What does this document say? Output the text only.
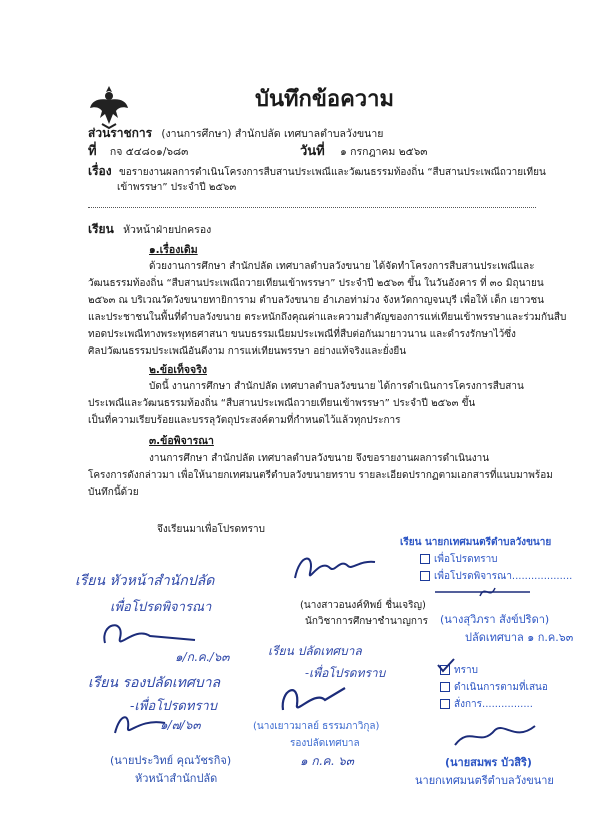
บันทึกข้อความ
ส่วนราชการ (งานการศึกษา) สำนักปลัด เทศบาลตำบลวังขนาย
ที่ กจ ๕๔๘๐๑/๖๘๓	วันที่ ๑ กรกฎาคม ๒๕๖๓
เรื่อง ขอรายงานผลการดำเนินโครงการสืบสานประเพณีและวัฒนธรรมท้องถิ่น “สืบสานประเพณีถวายเทียน
เข้าพรรษา” ประจำปี ๒๕๖๓
เรียน หัวหน้าฝ่ายปกครอง
๑.เรื่องเดิม
ด้วยงานการศึกษา สำนักปลัด เทศบาลตำบลวังขนาย ได้จัดทำโครงการสืบสานประเพณีและ
วัฒนธรรมท้องถิ่น “สืบสานประเพณีถวายเทียนเข้าพรรษา” ประจำปี ๒๕๖๓ ขึ้น ในวันอังคาร ที่ ๓๐ มิถุนายน
๒๕๖๓ ณ บริเวณวัดวังขนายทายิการาม ตำบลวังขนาย อำเภอท่าม่วง จังหวัดกาญจนบุรี เพื่อให้ เด็ก เยาวชน
และประชาชนในพื้นที่ตำบลวังขนาย ตระหนักถึงคุณค่าและความสำคัญของการแห่เทียนเข้าพรรษาและร่วมกันสืบ
ทอดประเพณีทางพระพุทธศาสนา ขนบธรรมเนียมประเพณีที่สืบต่อกันมายาวนาน และดำรงรักษาไว้ซึ่ง
ศิลปวัฒนธรรมประเพณีอันดีงาม การแห่เทียนพรรษา อย่างแท้จริงและยั่งยืน
๒.ข้อเท็จจริง
บัดนี้ งานการศึกษา สำนักปลัด เทศบาลตำบลวังขนาย ได้การดำเนินการโครงการสืบสาน
ประเพณีและวัฒนธรรมท้องถิ่น “สืบสานประเพณีถวายเทียนเข้าพรรษา” ประจำปี ๒๕๖๓ ขึ้น
เป็นที่ความเรียบร้อยและบรรลุวัตถุประสงค์ตามที่กำหนดไว้แล้วทุกประการ
๓.ข้อพิจารณา
งานการศึกษา สำนักปลัด เทศบาลตำบลวังขนาย จึงขอรายงานผลการดำเนินงาน
โครงการดังกล่าวมา เพื่อให้นายกเทศมนตรีตำบลวังขนายทราบ รายละเอียดปรากฏตามเอกสารที่แนบมาพร้อม
บันทึกนี้ด้วย
จึงเรียนมาเพื่อโปรดทราบ
(นางสาวอนงค์ทิพย์ ชื่นเจริญ)
นักวิชาการศึกษาชำนาญการ
เรียน หัวหน้าสำนักปลัด
เพื่อโปรดพิจารณา
๑/ก.ค./๖๓
เรียน รองปลัดเทศบาล
-เพื่อโปรดทราบ
๑/๗/๖๓
(นายประวิทย์ คุณวัชรกิจ)
หัวหน้าสำนักปลัด
เรียน ปลัดเทศบาล
-เพื่อโปรดทราบ
(นางเยาวมาลย์ ธรรมภาวิกุล)
รองปลัดเทศบาล
๑ ก.ค. ๖๓
เรียน นายกเทศมนตรีตำบลวังขนาย
เพื่อโปรดทราบ
เพื่อโปรดพิจารณา...................
(นางสุวิภรา สังข์ปริดา)
ปลัดเทศบาล ๑ ก.ค.๖๓
ทราบ
ดำเนินการตามที่เสนอ
สั่งการ................
(นายสมพร บัวสิริ)
นายกเทศมนตรีตำบลวังขนาย
